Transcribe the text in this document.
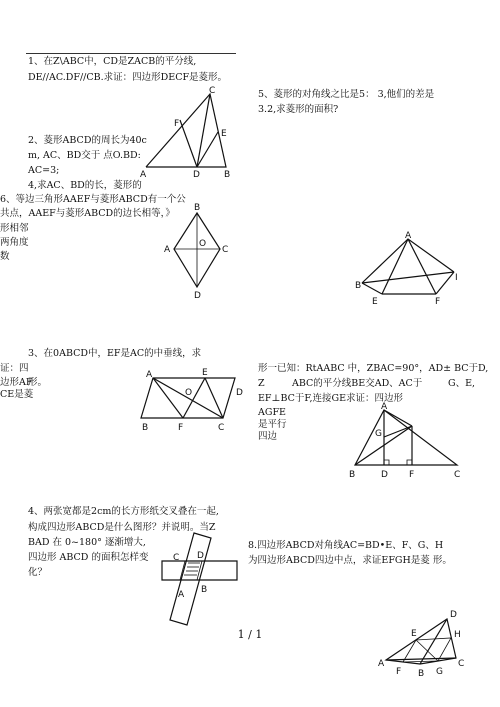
1、在Z\ABC中，CD是ZACB的平分线,
DE//AC.DF//CB.求证：四边形DECF是菱形。
A	D	B
C
F
E
5、菱形的对角线之比是5： 3,他们的差是
3.2,求菱形的面积?
2、菱形ABCD的周长为40c
m, AC、BD交于 点O.BD:
AC=3;
4,求AC、BD的长，菱形的
6、等边三角形AAEF与菱形ABCD有一个公
共点，AAEF与菱形ABCD的边长相等，》
形相邻
两角度
数
B
A	C
D
O
A
B
I
E	F
3、在0ABCD中，EF是AC的中垂线，求
证：四
边形AF
形。
CE是菱
A	E
D
O
B	F	C
形一已知：RtAABC 中，ZBAC=90°，AD± BC于D,
Z	ABC的平分线BE交AD、AC于	G、E,
EF⊥BC于F,连接GE求证：四边形
AGFE
是平行
四边
A
G
B	D F	C
4、两张宽都是2cm的长方形纸交叉叠在一起,
构成四边形ABCD是什么图形？并说明。当Z
BAD 在 0~180° 逐渐增大,
四边形 ABCD 的面积怎样变
化？
D
C
A B
8.四边形ABCD对角线AC=BD•E、F、G、H
为四边形ABCD四边中点，求证EFGH是菱 形。
D
E	H
A
F B G
C
1 / 1
